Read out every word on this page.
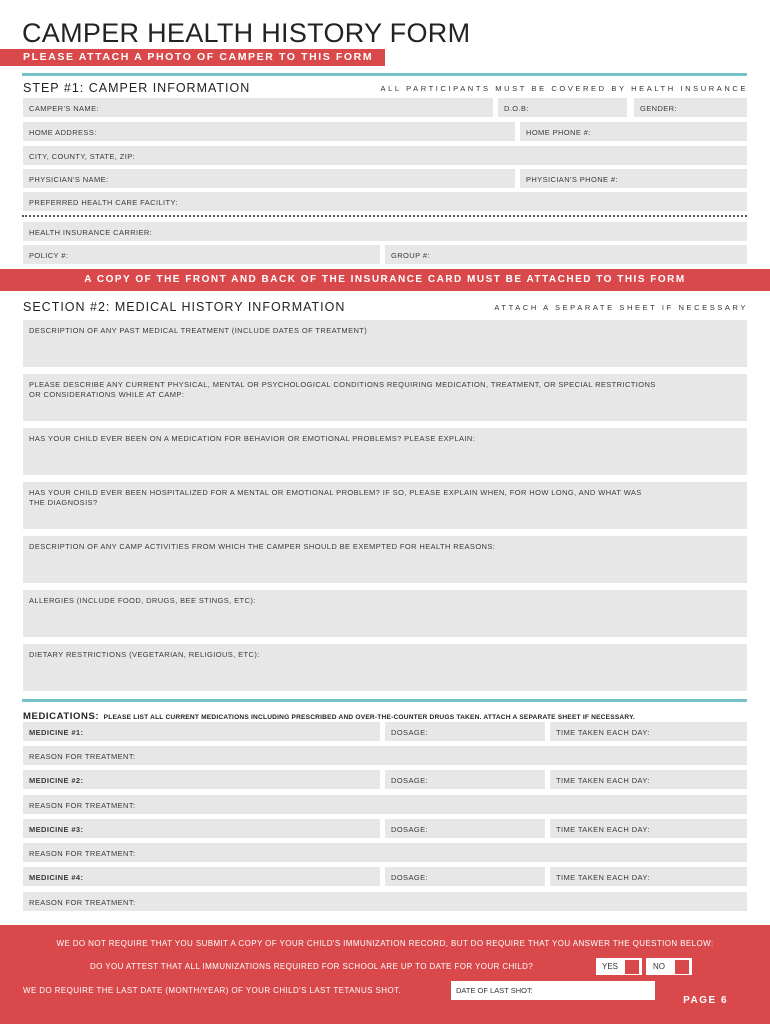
CAMPER HEALTH HISTORY FORM
PLEASE ATTACH A PHOTO OF CAMPER TO THIS FORM
STEP #1: CAMPER INFORMATION	ALL PARTICIPANTS MUST BE COVERED BY HEALTH INSURANCE
CAMPER'S NAME:	D.O.B:	GENDER:
HOME ADDRESS:	HOME PHONE #:
CITY, COUNTY, STATE, ZIP:
PHYSICIAN'S NAME:	PHYSICIAN'S PHONE #:
PREFERRED HEALTH CARE FACILITY:
HEALTH INSURANCE CARRIER:
POLICY #:	GROUP #:
A COPY OF THE FRONT AND BACK OF THE INSURANCE CARD MUST BE ATTACHED TO THIS FORM
SECTION #2: MEDICAL HISTORY INFORMATION	ATTACH A SEPARATE SHEET IF NECESSARY
DESCRIPTION OF ANY PAST MEDICAL TREATMENT (INCLUDE DATES OF TREATMENT)
PLEASE DESCRIBE ANY CURRENT PHYSICAL, MENTAL OR PSYCHOLOGICAL CONDITIONS REQUIRING MEDICATION, TREATMENT, OR SPECIAL RESTRICTIONS
OR CONSIDERATIONS WHILE AT CAMP:
HAS YOUR CHILD EVER BEEN ON A MEDICATION FOR BEHAVIOR OR EMOTIONAL PROBLEMS? PLEASE EXPLAIN:
HAS YOUR CHILD EVER BEEN HOSPITALIZED FOR A MENTAL OR EMOTIONAL PROBLEM? IF SO, PLEASE EXPLAIN WHEN, FOR HOW LONG, AND WHAT WAS
THE DIAGNOSIS?
DESCRIPTION OF ANY CAMP ACTIVITIES FROM WHICH THE CAMPER SHOULD BE EXEMPTED FOR HEALTH REASONS:
ALLERGIES (INCLUDE FOOD, DRUGS, BEE STINGS, ETC):
DIETARY RESTRICTIONS (VEGETARIAN, RELIGIOUS, ETC):
MEDICATIONS: PLEASE LIST ALL CURRENT MEDICATIONS INCLUDING PRESCRIBED AND OVER-THE-COUNTER DRUGS TAKEN. ATTACH A SEPARATE SHEET IF NECESSARY.
MEDICINE #1:	DOSAGE:	TIME TAKEN EACH DAY:
REASON FOR TREATMENT:
MEDICINE #2:	DOSAGE:	TIME TAKEN EACH DAY:
REASON FOR TREATMENT:
MEDICINE #3:	DOSAGE:	TIME TAKEN EACH DAY:
REASON FOR TREATMENT:
MEDICINE #4:	DOSAGE:	TIME TAKEN EACH DAY:
REASON FOR TREATMENT:
WE DO NOT REQUIRE THAT YOU SUBMIT A COPY OF YOUR CHILD'S IMMUNIZATION RECORD, BUT DO REQUIRE THAT YOU ANSWER THE QUESTION BELOW:
DO YOU ATTEST THAT ALL IMMUNIZATIONS REQUIRED FOR SCHOOL ARE UP TO DATE FOR YOUR CHILD?	YES	NO
WE DO REQUIRE THE LAST DATE (MONTH/YEAR) OF YOUR CHILD'S LAST TETANUS SHOT.	DATE OF LAST SHOT:
PAGE 6
